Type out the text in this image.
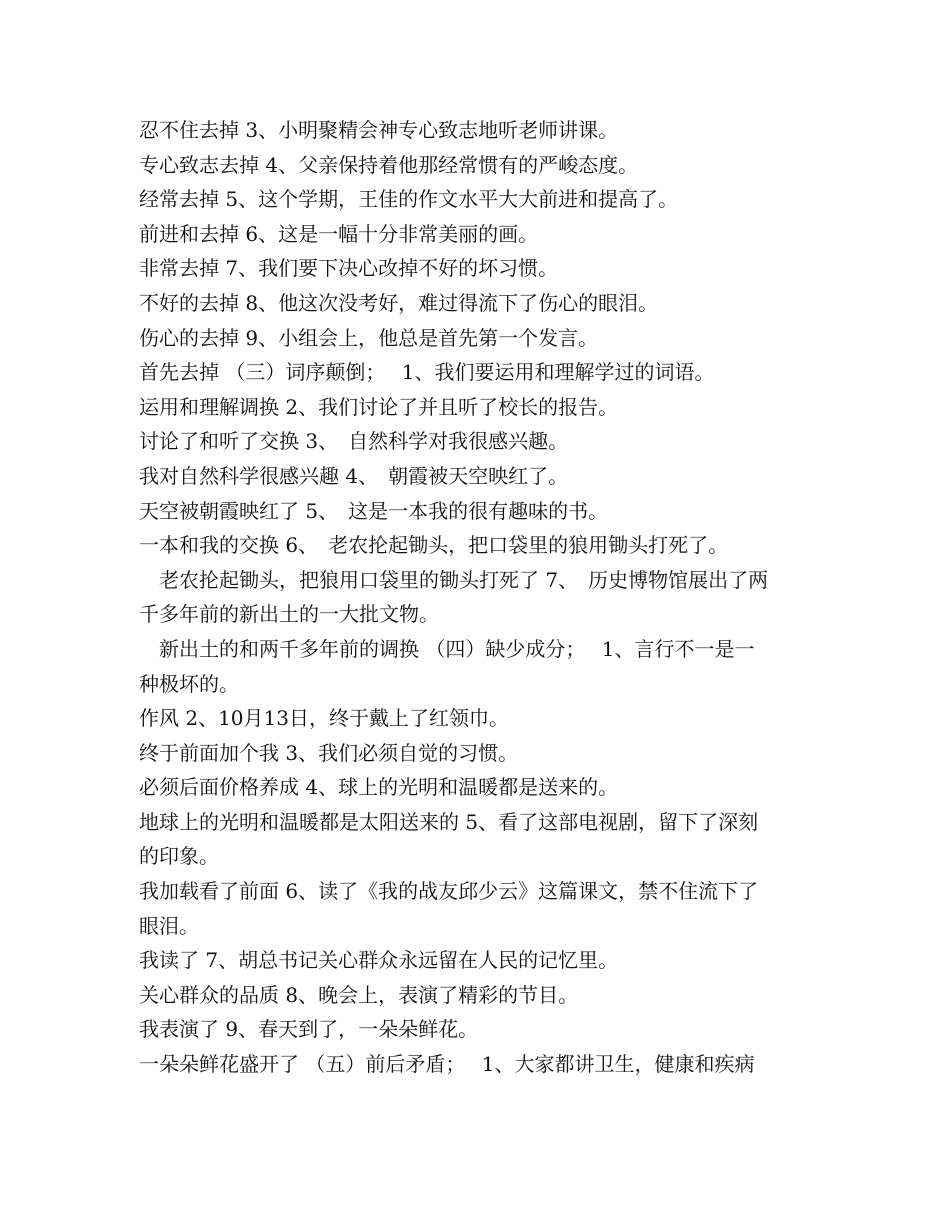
忍不住去掉 3、小明聚精会神专心致志地听老师讲课。
专心致志去掉 4、父亲保持着他那经常惯有的严峻态度。
经常去掉 5、这个学期，王佳的作文水平大大前进和提高了。
前进和去掉 6、这是一幅十分非常美丽的画。
非常去掉 7、我们要下决心改掉不好的坏习惯。
不好的去掉 8、他这次没考好，难过得流下了伤心的眼泪。
伤心的去掉 9、小组会上，他总是首先第一个发言。
首先去掉 （三）词序颠倒；　 1、我们要运用和理解学过的词语。
运用和理解调换 2、我们讨论了并且听了校长的报告。
讨论了和听了交换 3、　自然科学对我很感兴趣。
我对自然科学很感兴趣 4、　朝霞被天空映红了。
天空被朝霞映红了 5、　这是一本我的很有趣味的书。
一本和我的交换 6、　老农抡起锄头，把口袋里的狼用锄头打死了。
　老农抡起锄头，把狼用口袋里的锄头打死了 7、　历史博物馆展出了两
千多年前的新出土的一大批文物。
　新出土的和两千多年前的调换 （四）缺少成分；　 1、言行不一是一
种极坏的。
作风 2、10月13日，终于戴上了红领巾。
终于前面加个我 3、我们必须自觉的习惯。
必须后面价格养成 4、球上的光明和温暖都是送来的。
地球上的光明和温暖都是太阳送来的 5、看了这部电视剧，留下了深刻
的印象。
我加载看了前面 6、读了《我的战友邱少云》这篇课文，禁不住流下了
眼泪。
我读了 7、胡总书记关心群众永远留在人民的记忆里。
关心群众的品质 8、晚会上，表演了精彩的节目。
我表演了 9、春天到了，一朵朵鲜花。
一朵朵鲜花盛开了 （五）前后矛盾；　 1、大家都讲卫生，健康和疾病
